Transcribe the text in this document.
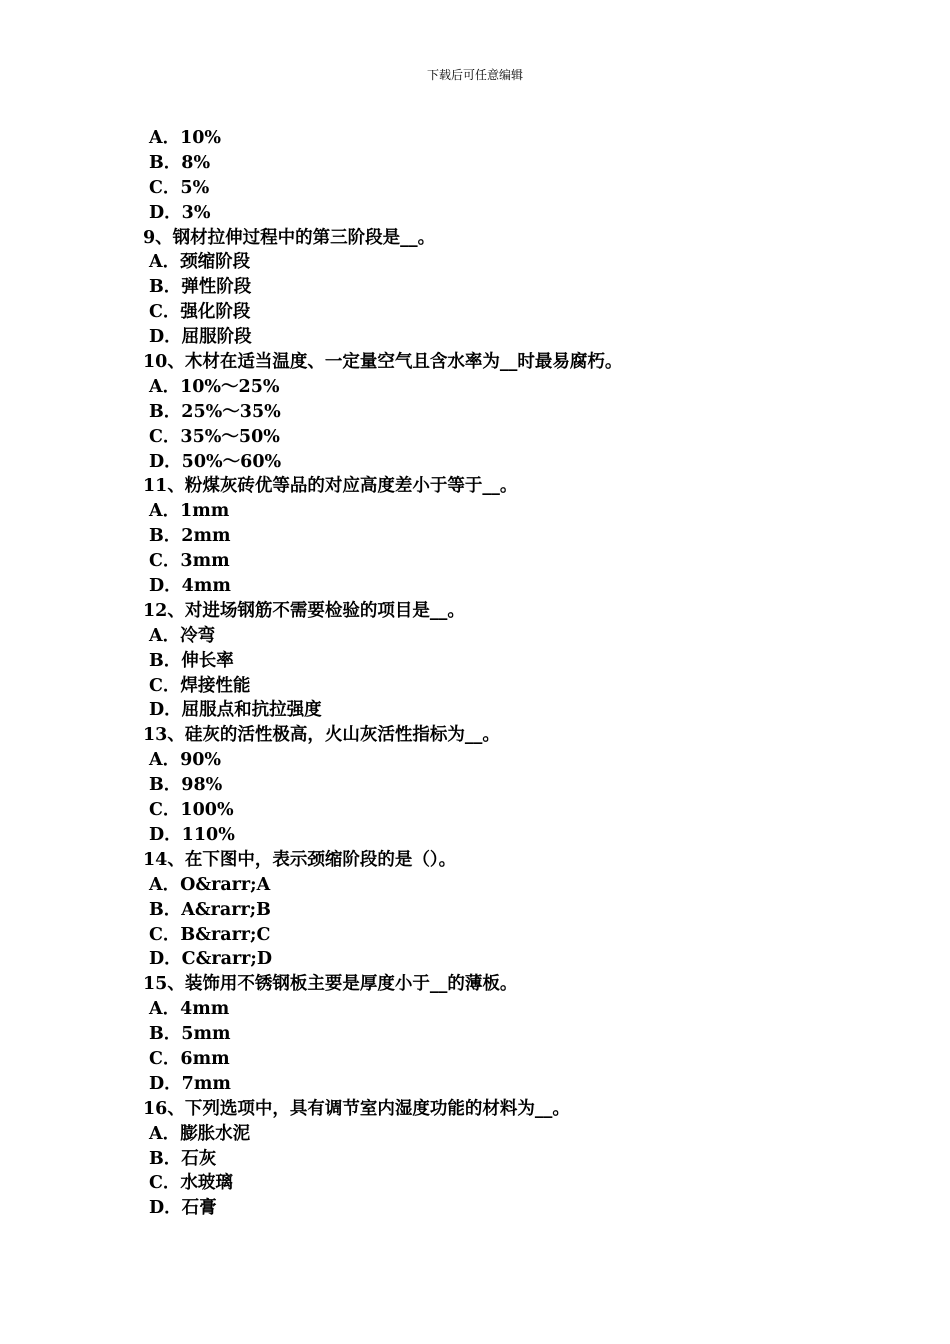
下载后可任意编辑
A．10%
B．8%
C．5%
D．3%
9、钢材拉伸过程中的第三阶段是__。
A．颈缩阶段
B．弹性阶段
C．强化阶段
D．屈服阶段
10、木材在适当温度、一定量空气且含水率为__时最易腐朽。
A．10%～25%
B．25%～35%
C．35%～50%
D．50%～60%
11、粉煤灰砖优等品的对应高度差小于等于__。
A．1mm
B．2mm
C．3mm
D．4mm
12、对进场钢筋不需要检验的项目是__。
A．冷弯
B．伸长率
C．焊接性能
D．屈服点和抗拉强度
13、硅灰的活性极高，火山灰活性指标为__。
A．90%
B．98%
C．100%
D．110%
14、在下图中，表示颈缩阶段的是（）。
A．O&rarr;A
B．A&rarr;B
C．B&rarr;C
D．C&rarr;D
15、装饰用不锈钢板主要是厚度小于__的薄板。
A．4mm
B．5mm
C．6mm
D．7mm
16、下列选项中，具有调节室内湿度功能的材料为__。
A．膨胀水泥
B．石灰
C．水玻璃
D．石膏
